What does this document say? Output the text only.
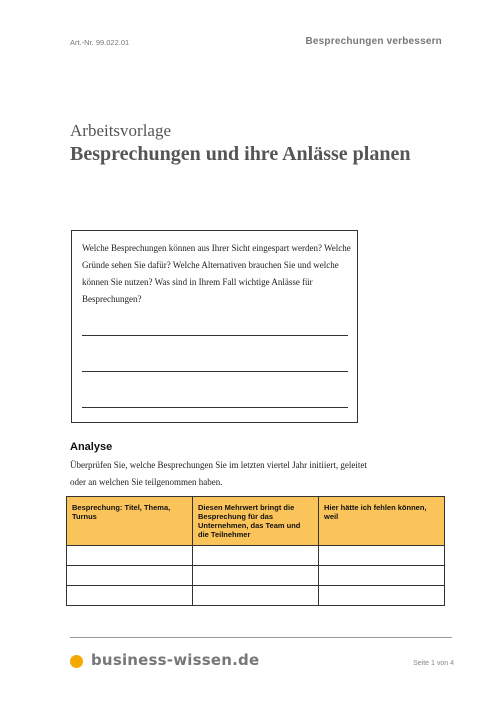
Art.-Nr. 99.022.01	Besprechungen verbessern
Arbeitsvorlage
Besprechungen und ihre Anlässe planen
Welche Besprechungen können aus Ihrer Sicht eingespart werden? Welche Gründe sehen Sie dafür? Welche Alternativen brauchen Sie und welche können Sie nutzen? Was sind in Ihrem Fall wichtige Anlässe für Besprechungen?
Analyse
Überprüfen Sie, welche Besprechungen Sie im letzten viertel Jahr initiiert, geleitet oder an welchen Sie teilgenommen haben.
Besprechung: Titel, Thema, Turnus	Diesen Mehrwert bringt die Besprechung für das Unternehmen, das Team und die Teilnehmer	Hier hätte ich fehlen können, weil

business-wissen.de	Seite 1 von 4
